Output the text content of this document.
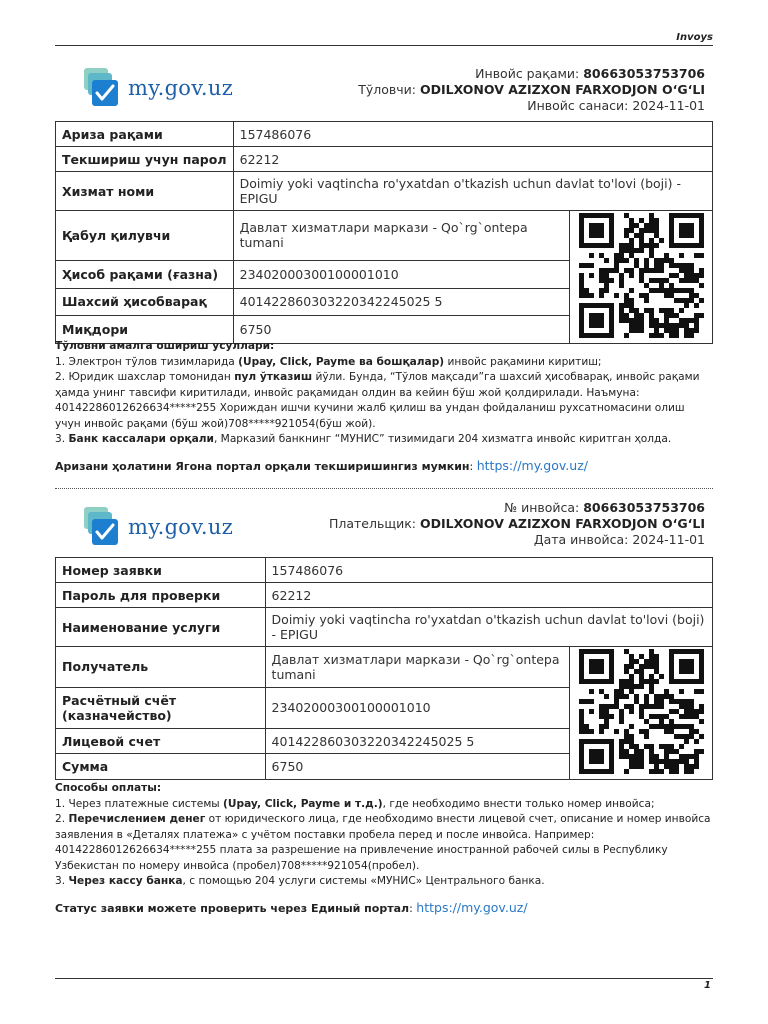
Invoys
my.gov.uz
Инвойс рақами: 80663053753706
Тўловчи: ODILXONOV AZIZXON FARXODJON O‘G‘LI
Инвойс санаси: 2024-11-01
Ариза рақами	157486076	
Текшириш учун парол	62212	
Хизмат номи	Doimiy yoki vaqtincha ro'yxatdan o'tkazish uchun davlat to'lovi (boji) - EPIGU	
Қабул қилувчи	Давлат хизматлари маркази - Qo`rg`ontepa tumani	

Ҳисоб рақами (ғазна)	23402000300100001010	
Шахсий ҳисобварақ	401422860303220342245025 5	
Миқдори	6750	

Тўловни амалга ошириш усуллари:

1. Электрон тўлов тизимларида (Upay, Click, Payme ва бошқалар) инвойс рақамини киритиш;

2. Юридик шахслар томонидан пул ўтказиш йўли. Бунда, “Тўлов мақсади”га шахсий ҳисобварақ, инвойс рақами ҳамда унинг тавсифи киритилади, инвойс рақамидан олдин ва кейин бўш жой қолдирилади. Наъмуна: 40142286012626634*****255 Хориждан ишчи кучини жалб қилиш ва ундан фойдаланиш рухсатномасини олиш учун инвойс рақами (бўш жой)708*****921054(бўш жой).

3. Банк кассалари орқали, Марказий банкнинг “МУНИС” тизимидаги 204 хизматга инвойс киритган ҳолда.

Аризани ҳолатини Ягона портал орқали текширишингиз мумкин: https://my.gov.uz/

my.gov.uz
№ инвойса: 80663053753706
Плательщик: ODILXONOV AZIZXON FARXODJON O‘G‘LI
Дата инвойса: 2024-11-01
Номер заявки	157486076	
Пароль для проверки	62212	
Наименование услуги	Doimiy yoki vaqtincha ro'yxatdan o'tkazish uchun davlat to'lovi (boji) - EPIGU	
Получатель	Давлат хизматлари маркази - Qo`rg`ontepa tumani	

Расчётный счёт (казначейство)	23402000300100001010	
Лицевой счет	401422860303220342245025 5	
Сумма	6750	

Способы оплаты:

1. Через платежные системы (Upay, Click, Payme и т.д.), где необходимо внести только номер инвойса;

2. Перечислением денег от юридического лица, где необходимо внести лицевой счет, описание и номер инвойса заявления в «Деталях платежа» с учётом поставки пробела перед и после инвойса. Например: 40142286012626634*****255 плата за разрешение на привлечение иностранной рабочей силы в Республику Узбекистан по номеру инвойса (пробел)708*****921054(пробел).

3. Через кассу банка, с помощью 204 услуги системы «МУНИС» Центрального банка.

Статус заявки можете проверить через Единый портал: https://my.gov.uz/

1
